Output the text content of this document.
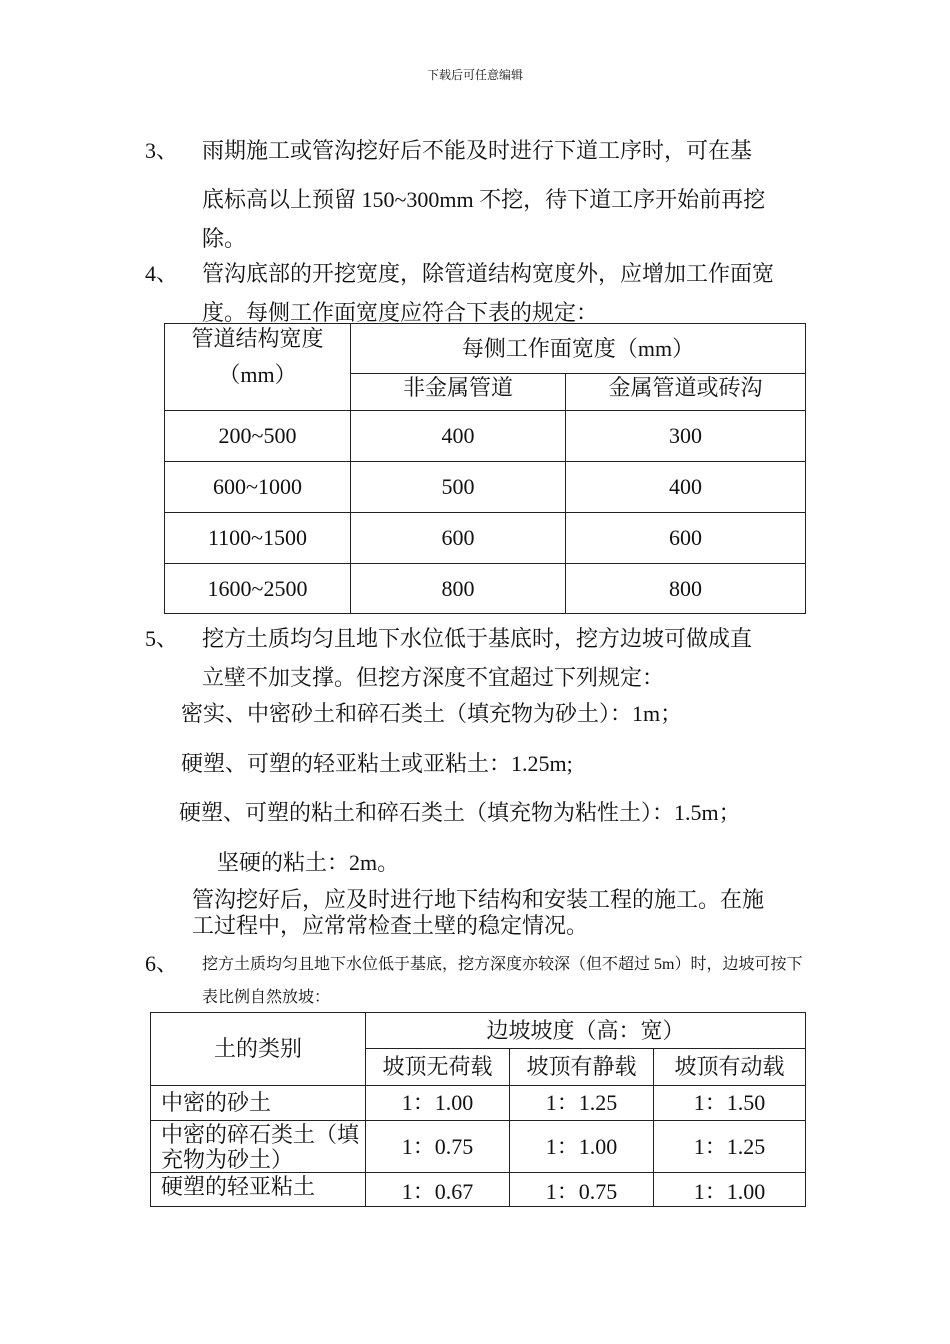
下载后可任意编辑
3、 雨期施工或管沟挖好后不能及时进行下道工序时，可在基
底标高以上预留 150~300mm 不挖，待下道工序开始前再挖
除。
4、 管沟底部的开挖宽度，除管道结构宽度外，应增加工作面宽
度。每侧工作面宽度应符合下表的规定：
管道结构宽度
（mm）	每侧工作面宽度（mm）	
	非金属管道	金属管道或砖沟
200~500	400	300
600~1000	500	400
1100~1500	600	600
1600~2500	800	800
5、 挖方土质均匀且地下水位低于基底时，挖方边坡可做成直
立壁不加支撑。但挖方深度不宜超过下列规定：
密实、中密砂土和碎石类土（填充物为砂土）：1m；
硬塑、可塑的轻亚粘土或亚粘土：1.25m;
硬塑、可塑的粘土和碎石类土（填充物为粘性土）：1.5m；
坚硬的粘土：2m。
管沟挖好后，应及时进行地下结构和安装工程的施工。在施
工过程中，应常常检查土壁的稳定情况。
6、 挖方土质均匀且地下水位低于基底，挖方深度亦较深（但不超过 5m）时，边坡可按下
表比例自然放坡：
土的类别	边坡坡度（高：宽）		
	坡顶无荷载	坡顶有静载	坡顶有动载

中密的砂土	1：1.00	1：1.25	1：1.50

中密的碎石类土（填
充物为砂土）	1：0.75	1：1.00	1：1.25

硬塑的轻亚粘土	1：0.67	1：0.75	1：1.00
